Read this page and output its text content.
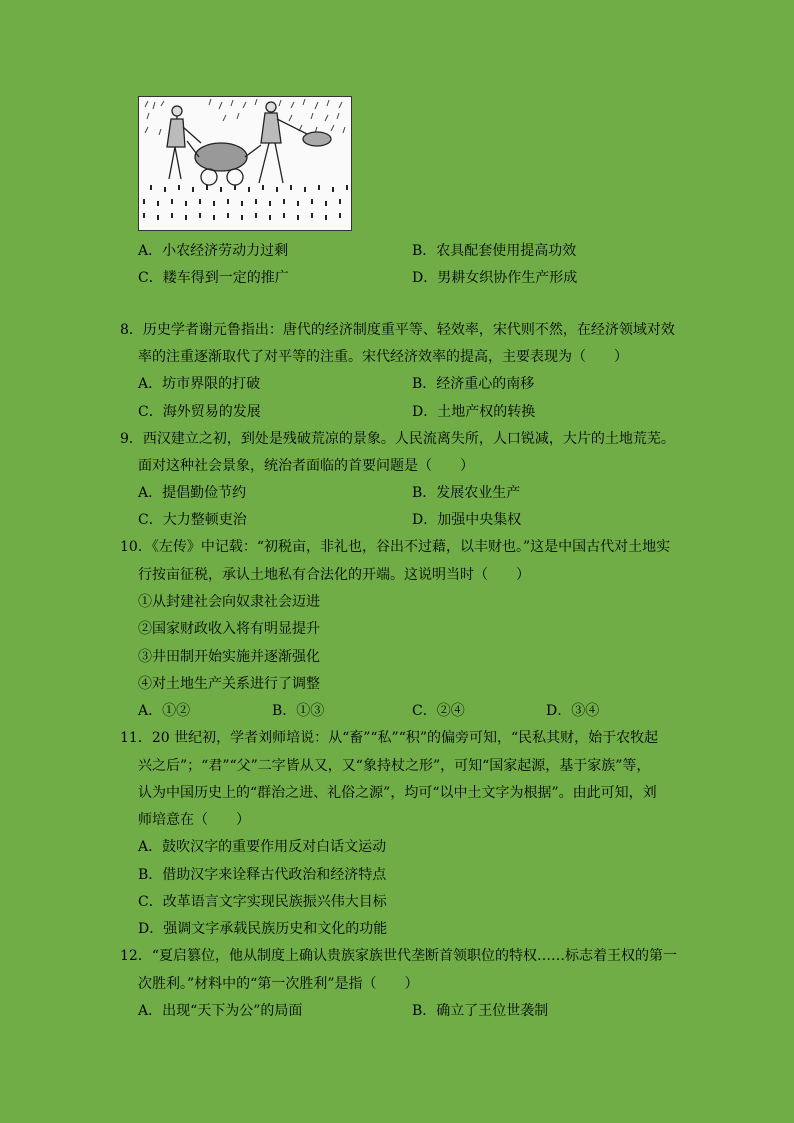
A．小农经济劳动力过剩	B．农具配套使用提高功效
C．耧车得到一定的推广	D．男耕女织协作生产形成
8．历史学者谢元鲁指出：唐代的经济制度重平等、轻效率，宋代则不然，在经济领域对效
率的注重逐渐取代了对平等的注重。宋代经济效率的提高，主要表现为（　　）
A．坊市界限的打破	B．经济重心的南移
C．海外贸易的发展	D．土地产权的转换
9．西汉建立之初，到处是残破荒凉的景象。人民流离失所，人口锐减，大片的土地荒芜。
面对这种社会景象，统治者面临的首要问题是（　　）
A．提倡勤俭节约	B．发展农业生产
C．大力整顿吏治	D．加强中央集权
10．《左传》中记载：“初税亩，非礼也，谷出不过藉，以丰财也。”这是中国古代对土地实
行按亩征税，承认土地私有合法化的开端。这说明当时（　　）
①从封建社会向奴隶社会迈进
②国家财政收入将有明显提升
③井田制开始实施并逐渐强化
④对土地生产关系进行了调整
A．①②	B．①③	C．②④	D．③④
11．20 世纪初，学者刘师培说：从“畜”“私”“积”的偏旁可知，“民私其财，始于农牧起
兴之后”；“君”“父”二字皆从又，又“象持杖之形”，可知“国家起源，基于家族”等，
认为中国历史上的“群治之进、礼俗之源”，均可“以中土文字为根据”。由此可知，刘
师培意在（　　）
A．鼓吹汉字的重要作用反对白话文运动
B．借助汉字来诠释古代政治和经济特点
C．改革语言文字实现民族振兴伟大目标
D．强调文字承载民族历史和文化的功能
12．“夏启篡位，他从制度上确认贵族家族世代垄断首领职位的特权……标志着王权的第一
次胜利。”材料中的“第一次胜利”是指（　　）
A．出现“天下为公”的局面	B．确立了王位世袭制
